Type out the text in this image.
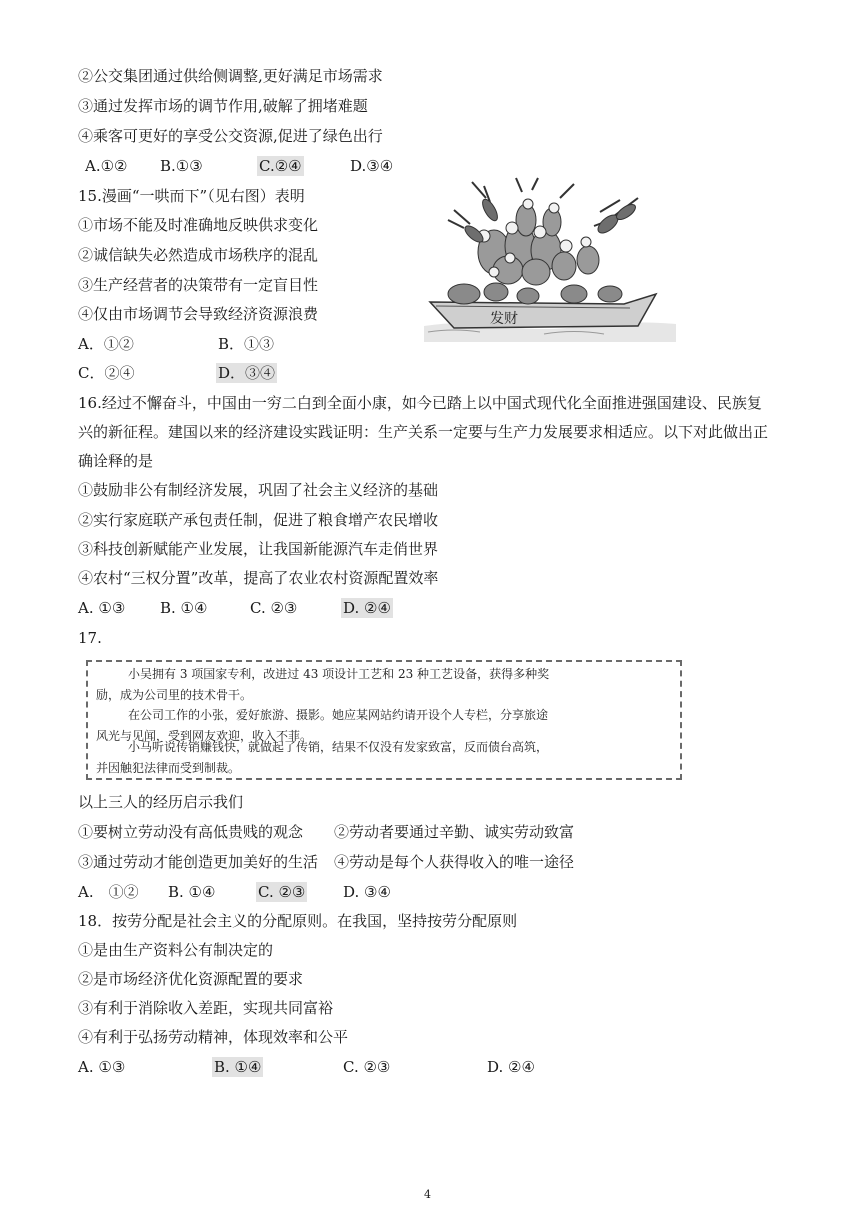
②公交集团通过供给侧调整,更好满足市场需求
③通过发挥市场的调节作用,破解了拥堵难题
④乘客可更好的享受公交资源,促进了绿色出行
A.①② B.①③	C.②④	D.③④
15.漫画“一哄而下”（见右图）表明
①市场不能及时准确地反映供求变化
②诚信缺失必然造成市场秩序的混乱
③生产经营者的决策带有一定盲目性
④仅由市场调节会导致经济资源浪费
A．①②	B．①③
C．②④	D．③④
发财
16.经过不懈奋斗，中国由一穷二白到全面小康，如今已踏上以中国式现代化全面推进强国建设、民族复
兴的新征程。建国以来的经济建设实践证明：生产关系一定要与生产力发展要求相适应。以下对此做出正
确诠释的是
①鼓励非公有制经济发展，巩固了社会主义经济的基础
②实行家庭联产承包责任制，促进了粮食增产农民增收
③科技创新赋能产业发展，让我国新能源汽车走俏世界
④农村“三权分置”改革，提高了农业农村资源配置效率
A. ①③ B. ①④	C. ②③	D. ②④
17.
小吴拥有 3 项国家专利，改进过 43 项设计工艺和 23 种工艺设备，获得多种奖
励，成为公司里的技术骨干。
在公司工作的小张，爱好旅游、摄影。她应某网站约请开设个人专栏，分享旅途
风光与见闻，受到网友欢迎，收入不菲。
小马听说传销赚钱快，就做起了传销，结果不仅没有发家致富，反而债台高筑，
并因触犯法律而受到制裁。
以上三人的经历启示我们
①要树立劳动没有高低贵贱的观念 ②劳动者要通过辛勤、诚实劳动致富
③通过劳动才能创造更加美好的生活 ④劳动是每个人获得收入的唯一途径
A.　①② B. ①④	C. ②③	D. ③④
18．按劳分配是社会主义的分配原则。在我国，坚持按劳分配原则
①是由生产资料公有制决定的
②是市场经济优化资源配置的要求
③有利于消除收入差距，实现共同富裕
④有利于弘扬劳动精神，体现效率和公平
A. ①③	B. ①④	C. ②③	D. ②④
4
